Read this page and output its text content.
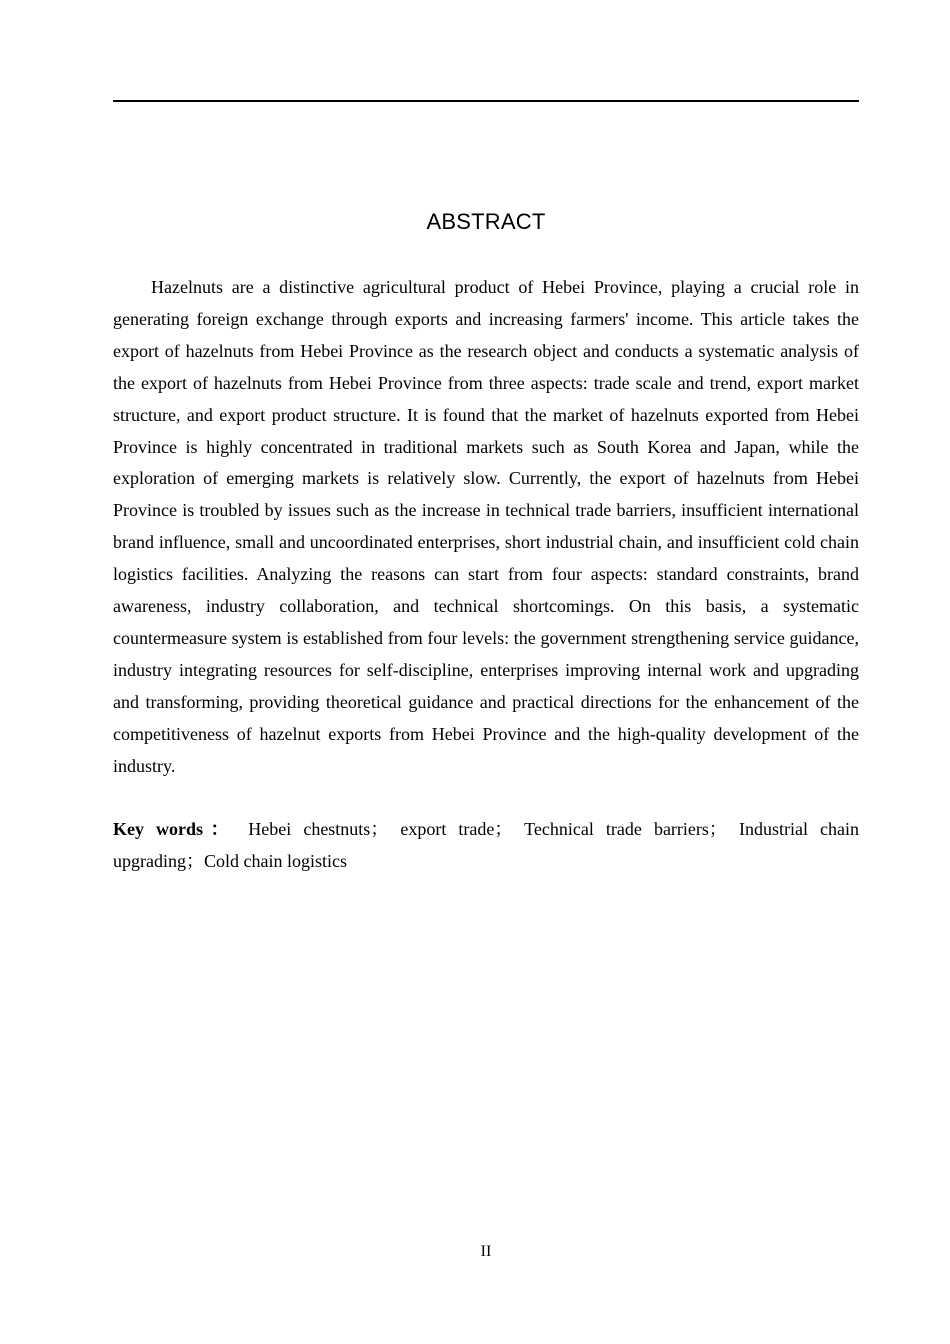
ABSTRACT

Hazelnuts are a distinctive agricultural product of Hebei Province, playing a crucial role in generating foreign exchange through exports and increasing farmers' income. This article takes the export of hazelnuts from Hebei Province as the research object and conducts a systematic analysis of the export of hazelnuts from Hebei Province from three aspects: trade scale and trend, export market structure, and export product structure. It is found that the market of hazelnuts exported from Hebei Province is highly concentrated in traditional markets such as South Korea and Japan, while the exploration of emerging markets is relatively slow. Currently, the export of hazelnuts from Hebei Province is troubled by issues such as the increase in technical trade barriers, insufficient international brand influence, small and uncoordinated enterprises, short industrial chain, and insufficient cold chain logistics facilities. Analyzing the reasons can start from four aspects: standard constraints, brand awareness, industry collaboration, and technical shortcomings. On this basis, a systematic countermeasure system is established from four levels: the government strengthening service guidance, industry integrating resources for self-discipline, enterprises improving internal work and upgrading and transforming, providing theoretical guidance and practical directions for the enhancement of the competitiveness of hazelnut exports from Hebei Province and the high-quality development of the industry.

Key words： Hebei chestnuts； export trade； Technical trade barriers； Industrial chain upgrading；Cold chain logistics

II
